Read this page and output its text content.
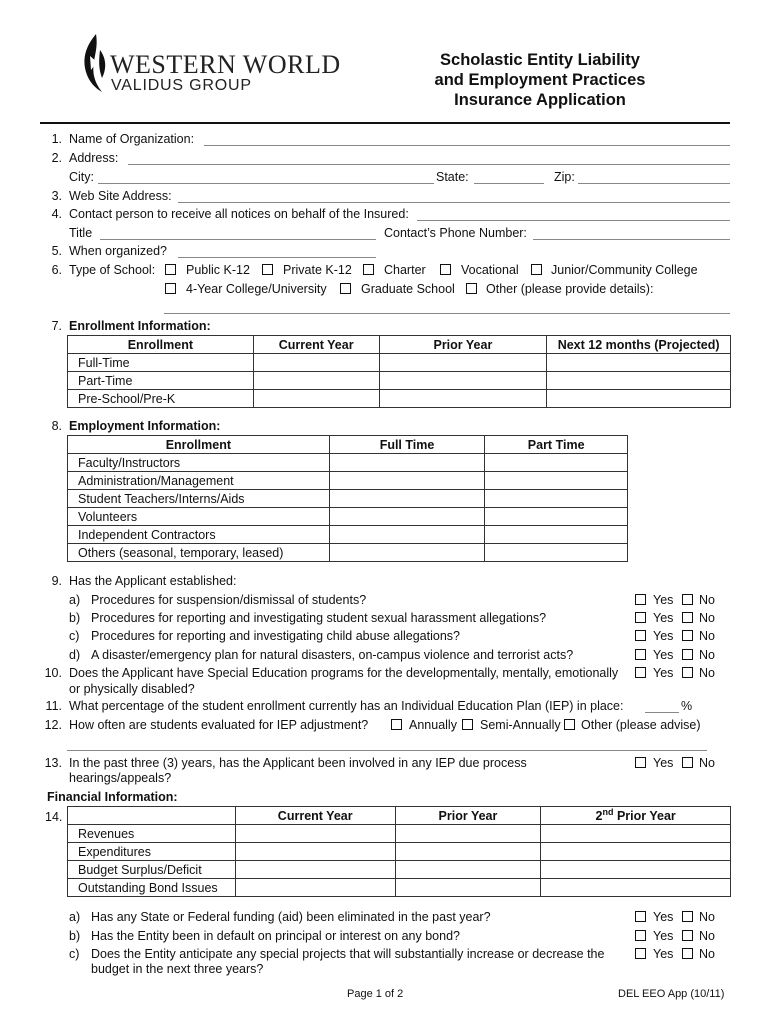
WESTERN WORLD
VALIDUS GROUP
Scholastic Entity Liability
and Employment Practices
Insurance Application
1. Name of Organization:
2. Address:
City:	State:	Zip:
3. Web Site Address:
4. Contact person to receive all notices on behalf of the Insured:
Title	Contact’s Phone Number:
5. When organized?
6. Type of School: Public K-12	Private K-12	Charter	Vocational	Junior/Community College
4-Year College/University	Graduate School Other (please provide details):
7. Enrollment Information:
Enrollment	Current Year	Prior Year	Next 12 months (Projected)
Full-Time			
Part-Time			
Pre-School/Pre-K			
8. Employment Information:
Enrollment	Full Time	Part Time
Faculty/Instructors		
Administration/Management		
Student Teachers/Interns/Aids		
Volunteers		
Independent Contractors		
Others (seasonal, temporary, leased)		
9. Has the Applicant established:
a) Procedures for suspension/dismissal of students?
b) Procedures for reporting and investigating student sexual harassment allegations?
c) Procedures for reporting and investigating child abuse allegations?
d) A disaster/emergency plan for natural disasters, on-campus violence and terrorist acts?
Yes No
Yes No
Yes No
Yes No
10. Does the Applicant have Special Education programs for the developmentally, mentally, emotionally
or physically disabled?
Yes No
11. What percentage of the student enrollment currently has an Individual Education Plan (IEP) in place:	%
12. How often are students evaluated for IEP adjustment?	Annually Semi-Annually Other (please advise)
13. In the past three (3) years, has the Applicant been involved in any IEP due process
hearings/appeals?
Yes No
Financial Information:
14.
		Current Year	Prior Year	2nd Prior Year
Revenues			
Expenditures			
Budget Surplus/Deficit			
Outstanding Bond Issues			
a) Has any State or Federal funding (aid) been eliminated in the past year?	Yes No
b) Has the Entity been in default on principal or interest on any bond?	Yes No
c) Does the Entity anticipate any special projects that will substantially increase or decrease the
budget in the next three years?
Yes No
Page 1 of 2	DEL EEO App (10/11)
